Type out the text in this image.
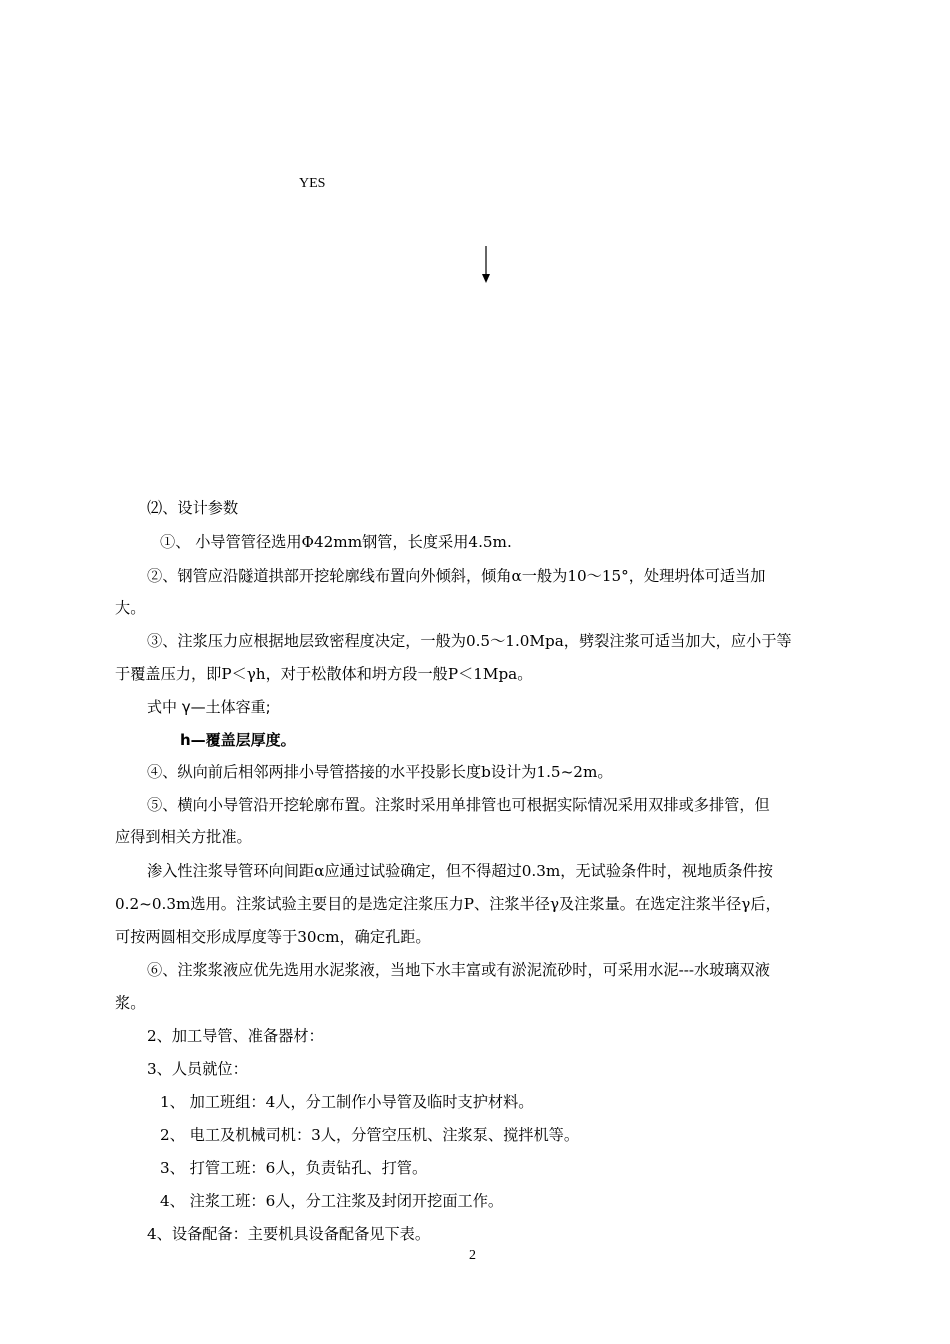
YES
⑵、设计参数
①、 小导管管径选用Φ42mm钢管，长度采用4.5m.
②、钢管应沿隧道拱部开挖轮廓线布置向外倾斜，倾角α一般为10～15°，处理坍体可适当加
大。
③、注浆压力应根据地层致密程度决定，一般为0.5～1.0Mpa，劈裂注浆可适当加大，应小于等
于覆盖压力，即P＜γh，对于松散体和坍方段一般P＜1Mpa。
式中 γ—土体容重;
h—覆盖层厚度。
④、纵向前后相邻两排小导管搭接的水平投影长度b设计为1.5~2m。
⑤、横向小导管沿开挖轮廓布置。注浆时采用单排管也可根据实际情况采用双排或多排管，但
应得到相关方批准。
渗入性注浆导管环向间距α应通过试验确定，但不得超过0.3m，无试验条件时，视地质条件按
0.2~0.3m选用。注浆试验主要目的是选定注浆压力P、注浆半径γ及注浆量。在选定注浆半径γ后，
可按两圆相交形成厚度等于30cm，确定孔距。
⑥、注浆浆液应优先选用水泥浆液，当地下水丰富或有淤泥流砂时，可采用水泥---水玻璃双液
浆。
2、加工导管、准备器材：
3、人员就位：
1、 加工班组：4人，分工制作小导管及临时支护材料。
2、 电工及机械司机：3人，分管空压机、注浆泵、搅拌机等。
3、 打管工班：6人，负责钻孔、打管。
4、 注浆工班：6人，分工注浆及封闭开挖面工作。
4、设备配备：主要机具设备配备见下表。
2
